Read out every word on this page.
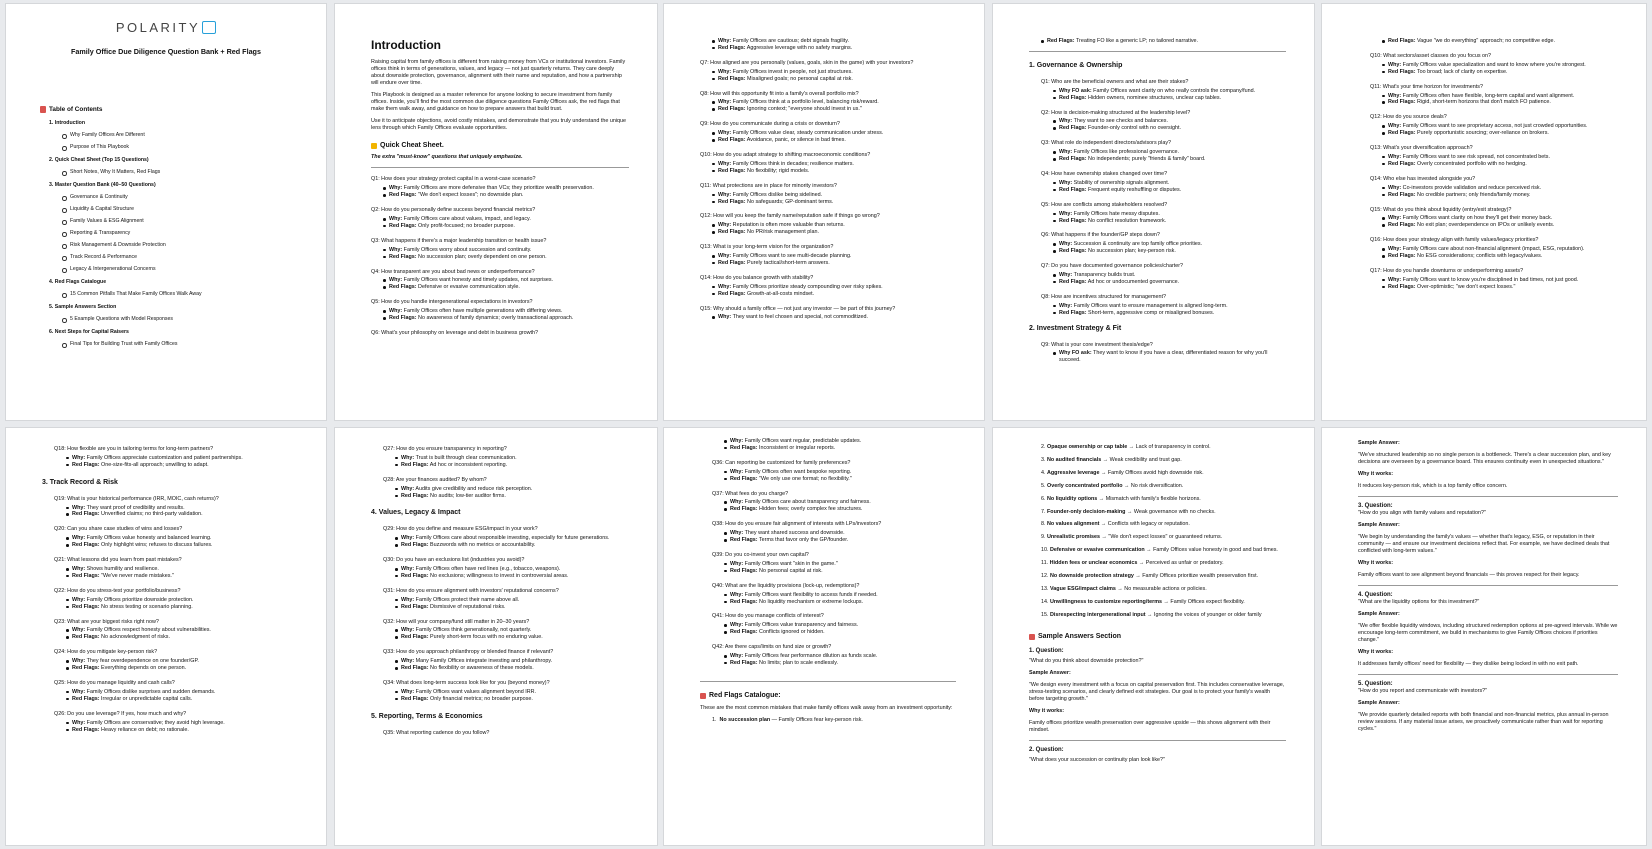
POLARITY
Family Office Due Diligence Question Bank + Red Flags
Table of Contents
1. Introduction
Why Family Offices Are Different
Purpose of This Playbook
2. Quick Cheat Sheet (Top 15 Questions)
Short Notes, Why It Matters, Red Flags
3. Master Question Bank (40–50 Questions)
Governance & Continuity
Liquidity & Capital Structure
Family Values & ESG Alignment
Reporting & Transparency
Risk Management & Downside Protection
Track Record & Performance
Legacy & Intergenerational Concerns
4. Red Flags Catalogue
15 Common Pitfalls That Make Family Offices Walk Away
5. Sample Answers Section
5 Example Questions with Model Responses
6. Next Steps for Capital Raisers
Final Tips for Building Trust with Family Offices
Introduction

Raising capital from family offices is different from raising money from VCs or institutional investors. Family offices think in terms of generations, values, and legacy — not just quarterly returns. They care deeply about downside protection, governance, alignment with their name and reputation, and how a partnership will endure over time.

This Playbook is designed as a master reference for anyone looking to secure investment from family offices. Inside, you'll find the most common due diligence questions Family Offices ask, the red flags that make them walk away, and guidance on how to prepare answers that build trust.

Use it to anticipate objections, avoid costly mistakes, and demonstrate that you truly understand the unique lens through which Family Offices evaluate opportunities.

Quick Cheat Sheet.

The extra "must-know" questions that uniquely emphasize.

Q1: How does your strategy protect capital in a worst-case scenario?
Why: Family Offices are more defensive than VCs; they prioritize wealth preservation.
Red Flags: "We don't expect losses"; no downside plan.
Q2: How do you personally define success beyond financial metrics?
Why: Family Offices care about values, impact, and legacy.
Red Flags: Only profit-focused; no broader purpose.
Q3: What happens if there's a major leadership transition or health issue?
Why: Family Offices worry about succession and continuity.
Red Flags: No succession plan; overly dependent on one person.
Q4: How transparent are you about bad news or underperformance?
Why: Family Offices want honesty and timely updates, not surprises.
Red Flags: Defensive or evasive communication style.
Q5: How do you handle intergenerational expectations in investors?
Why: Family Offices often have multiple generations with differing views.
Red Flags: No awareness of family dynamics; overly transactional approach.
Q6: What's your philosophy on leverage and debt in business growth?
Why: Family Offices are cautious; debt signals fragility.
Red Flags: Aggressive leverage with no safety margins.
Q7: How aligned are you personally (values, goals, skin in the game) with your investors?
Why: Family Offices invest in people, not just structures.
Red Flags: Misaligned goals; no personal capital at risk.
Q8: How will this opportunity fit into a family's overall portfolio mix?
Why: Family Offices think at a portfolio level, balancing risk/reward.
Red Flags: Ignoring context; "everyone should invest in us."
Q9: How do you communicate during a crisis or downturn?
Why: Family Offices value clear, steady communication under stress.
Red Flags: Avoidance, panic, or silence in bad times.
Q10: How do you adapt strategy to shifting macroeconomic conditions?
Why: Family Offices think in decades; resilience matters.
Red Flags: No flexibility; rigid models.
Q11: What protections are in place for minority investors?
Why: Family Offices dislike being sidelined.
Red Flags: No safeguards; GP-dominant terms.
Q12: How will you keep the family name/reputation safe if things go wrong?
Why: Reputation is often more valuable than returns.
Red Flags: No PR/risk management plan.
Q13: What is your long-term vision for the organization?
Why: Family Offices want to see multi-decade planning.
Red Flags: Purely tactical/short-term answers.
Q14: How do you balance growth with stability?
Why: Family Offices prioritize steady compounding over risky spikes.
Red Flags: Growth-at-all-costs mindset.
Q15: Why should a family office — not just any investor — be part of this journey?
Why: They want to feel chosen and special, not commoditized.
Red Flags: Treating FO like a generic LP; no tailored narrative.
1. Governance & Ownership
Q1: Who are the beneficial owners and what are their stakes?
Why FO ask: Family Offices want clarity on who really controls the company/fund.
Red Flags: Hidden owners, nominee structures, unclear cap tables.
Q2: How is decision-making structured at the leadership level?
Why: They want to see checks and balances.
Red Flags: Founder-only control with no oversight.
Q3: What role do independent directors/advisors play?
Why: Family Offices like professional governance.
Red Flags: No independents; purely "friends & family" board.
Q4: How have ownership stakes changed over time?
Why: Stability of ownership signals alignment.
Red Flags: Frequent equity reshuffling or disputes.
Q5: How are conflicts among stakeholders resolved?
Why: Family Offices hate messy disputes.
Red Flags: No conflict resolution framework.
Q6: What happens if the founder/GP steps down?
Why: Succession & continuity are top family office priorities.
Red Flags: No succession plan; key-person risk.
Q7: Do you have documented governance policies/charter?
Why: Transparency builds trust.
Red Flags: Ad hoc or undocumented governance.
Q8: How are incentives structured for management?
Why: Family Offices want to ensure management is aligned long-term.
Red Flags: Short-term, aggressive comp or misaligned bonuses.
2. Investment Strategy & Fit
Q9: What is your core investment thesis/edge?
Why FO ask: They want to know if you have a clear, differentiated reason for why you'll succeed.
Red Flags: Vague "we do everything" approach; no competitive edge.
Q10: What sectors/asset classes do you focus on?
Why: Family Offices value specialization and want to know where you're strongest.
Red Flags: Too broad; lack of clarity on expertise.
Q11: What's your time horizon for investments?
Why: Family Offices often have flexible, long-term capital and want alignment.
Red Flags: Rigid, short-term horizons that don't match FO patience.
Q12: How do you source deals?
Why: Family Offices want to see proprietary access, not just crowded opportunities.
Red Flags: Purely opportunistic sourcing; over-reliance on brokers.
Q13: What's your diversification approach?
Why: Family Offices want to see risk spread, not concentrated bets.
Red Flags: Overly concentrated portfolio with no hedging.
Q14: Who else has invested alongside you?
Why: Co-investors provide validation and reduce perceived risk.
Red Flags: No credible partners; only friends/family money.
Q15: What do you think about liquidity (entry/exit strategy)?
Why: Family Offices want clarity on how they'll get their money back.
Red Flags: No exit plan; overdependence on IPOs or unlikely events.
Q16: How does your strategy align with family values/legacy priorities?
Why: Family Offices care about non-financial alignment (impact, ESG, reputation).
Red Flags: No ESG considerations; conflicts with legacy/values.
Q17: How do you handle downturns or underperforming assets?
Why: Family Offices want to know you're disciplined in bad times, not just good.
Red Flags: Over-optimistic; "we don't expect losses."
Q18: How flexible are you in tailoring terms for long-term partners?
Why: Family Offices appreciate customization and patient partnerships.
Red Flags: One-size-fits-all approach; unwilling to adapt.
3. Track Record & Risk
Q19: What is your historical performance (IRR, MOIC, cash returns)?
Why: They want proof of credibility and results.
Red Flags: Unverified claims; no third-party validation.
Q20: Can you share case studies of wins and losses?
Why: Family Offices value honesty and balanced learning.
Red Flags: Only highlight wins; refuses to discuss failures.
Q21: What lessons did you learn from past mistakes?
Why: Shows humility and resilience.
Red Flags: "We've never made mistakes."
Q22: How do you stress-test your portfolio/business?
Why: Family Offices prioritize downside protection.
Red Flags: No stress testing or scenario planning.
Q23: What are your biggest risks right now?
Why: Family Offices respect honesty about vulnerabilities.
Red Flags: No acknowledgment of risks.
Q24: How do you mitigate key-person risk?
Why: They fear overdependence on one founder/GP.
Red Flags: Everything depends on one person.
Q25: How do you manage liquidity and cash calls?
Why: Family Offices dislike surprises and sudden demands.
Red Flags: Irregular or unpredictable capital calls.
Q26: Do you use leverage? If yes, how much and why?
Why: Family Offices are conservative; they avoid high leverage.
Red Flags: Heavy reliance on debt; no rationale.
Q27: How do you ensure transparency in reporting?
Why: Trust is built through clear communication.
Red Flags: Ad hoc or inconsistent reporting.
Q28: Are your finances audited? By whom?
Why: Audits give credibility and reduce risk perception.
Red Flags: No audits; low-tier auditor firms.
4. Values, Legacy & Impact
Q29: How do you define and measure ESG/impact in your work?
Why: Family Offices care about responsible investing, especially for future generations.
Red Flags: Buzzwords with no metrics or accountability.
Q30: Do you have an exclusions list (industries you avoid)?
Why: Family Offices often have red lines (e.g., tobacco, weapons).
Red Flags: No exclusions; willingness to invest in controversial areas.
Q31: How do you ensure alignment with investors' reputational concerns?
Why: Family Offices protect their name above all.
Red Flags: Dismissive of reputational risks.
Q32: How will your company/fund still matter in 20–30 years?
Why: Family Offices think generationally, not quarterly.
Red Flags: Purely short-term focus with no enduring value.
Q33: How do you approach philanthropy or blended finance if relevant?
Why: Many Family Offices integrate investing and philanthropy.
Red Flags: No flexibility or awareness of these models.
Q34: What does long-term success look like for you (beyond money)?
Why: Family Offices want values alignment beyond IRR.
Red Flags: Only financial metrics; no broader purpose.
5. Reporting, Terms & Economics
Q35: What reporting cadence do you follow?
Why: Family Offices want regular, predictable updates.
Red Flags: Inconsistent or irregular reports.
Q36: Can reporting be customized for family preferences?
Why: Family Offices often want bespoke reporting.
Red Flags: "We only use one format; no flexibility."
Q37: What fees do you charge?
Why: Family Offices care about transparency and fairness.
Red Flags: Hidden fees; overly complex fee structures.
Q38: How do you ensure fair alignment of interests with LPs/investors?
Why: They want shared success and downside.
Red Flags: Terms that favor only the GP/founder.
Q39: Do you co-invest your own capital?
Why: Family Offices want "skin in the game."
Red Flags: No personal capital at risk.
Q40: What are the liquidity provisions (lock-up, redemptions)?
Why: Family Offices want flexibility to access funds if needed.
Red Flags: No liquidity mechanism or extreme lockups.
Q41: How do you manage conflicts of interest?
Why: Family Offices value transparency and fairness.
Red Flags: Conflicts ignored or hidden.
Q42: Are there caps/limits on fund size or growth?
Why: Family Offices fear performance dilution as funds scale.
Red Flags: No limits; plan to scale endlessly.
Red Flags Catalogue:

These are the most common mistakes that make family offices walk away from an investment opportunity:

1. No succession plan — Family Offices fear key-person risk.
2. Opaque ownership or cap table → Lack of transparency in control.
3. No audited financials → Weak credibility and trust gap.
4. Aggressive leverage → Family Offices avoid high downside risk.
5. Overly concentrated portfolio → No risk diversification.
6. No liquidity options → Mismatch with family's flexible horizons.
7. Founder-only decision-making → Weak governance with no checks.
8. No values alignment → Conflicts with legacy or reputation.
9. Unrealistic promises → "We don't expect losses" or guaranteed returns.
10. Defensive or evasive communication → Family Offices value honesty in good and bad times.
11. Hidden fees or unclear economics → Perceived as unfair or predatory.
12. No downside protection strategy → Family Offices prioritize wealth preservation first.
13. Vague ESG/impact claims → No measurable actions or policies.
14. Unwillingness to customize reporting/terms → Family Offices expect flexibility.
15. Disrespecting intergenerational input → Ignoring the voices of younger or older family
Sample Answers Section
1. Question:

"What do you think about downside protection?"

Sample Answer:

"We design every investment with a focus on capital preservation first. This includes conservative leverage, stress-testing scenarios, and clearly defined exit strategies. Our goal is to protect your family's wealth before targeting growth."

Why it works:

Family offices prioritize wealth preservation over aggressive upside — this shows alignment with their mindset.

2. Question:

"What does your succession or continuity plan look like?"

Sample Answer:

"We've structured leadership so no single person is a bottleneck. There's a clear succession plan, and key decisions are overseen by a governance board. This ensures continuity even in unexpected situations."

Why it works:

It reduces key-person risk, which is a top family office concern.

3. Question:

"How do you align with family values and reputation?"

Sample Answer:

"We begin by understanding the family's values — whether that's legacy, ESG, or reputation in their community — and ensure our investment decisions reflect that. For example, we have declined deals that conflicted with long-term values."

Why it works:

Family offices want to see alignment beyond financials — this proves respect for their legacy.

4. Question:

"What are the liquidity options for this investment?"

Sample Answer:

"We offer flexible liquidity windows, including structured redemption options at pre-agreed intervals. While we encourage long-term commitment, we build in mechanisms to give Family Offices choices if priorities change."

Why it works:

It addresses family offices' need for flexibility — they dislike being locked in with no exit path.

5. Question:

"How do you report and communicate with investors?"

Sample Answer:

"We provide quarterly detailed reports with both financial and non-financial metrics, plus annual in-person review sessions. If any material issue arises, we proactively communicate rather than wait for reporting cycles."
